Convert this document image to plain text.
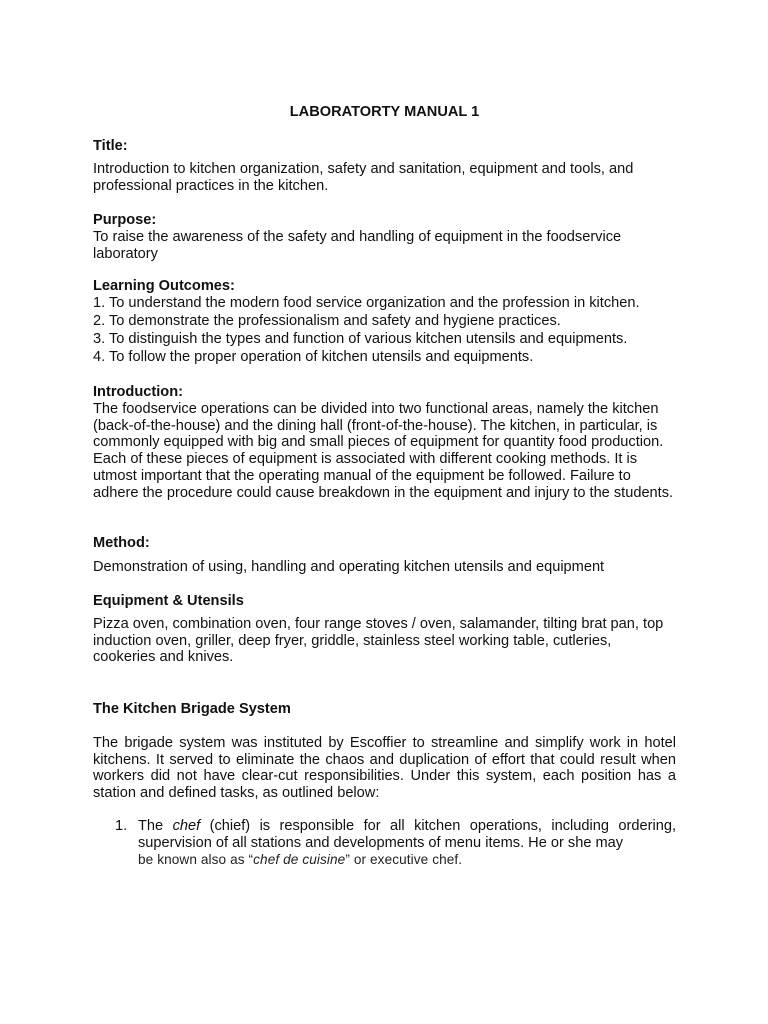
LABORATORTY MANUAL 1

Title:

Introduction to kitchen organization, safety and sanitation, equipment and tools, and professional practices in the kitchen.

Purpose:

To raise the awareness of the safety and handling of equipment in the foodservice laboratory

Learning Outcomes:

1. To understand the modern food service organization and the profession in kitchen.
2. To demonstrate the professionalism and safety and hygiene practices.
3. To distinguish the types and function of various kitchen utensils and equipments.
4. To follow the proper operation of kitchen utensils and equipments.

Introduction:

The foodservice operations can be divided into two functional areas, namely the kitchen (back-of-the-house) and the dining hall (front-of-the-house). The kitchen, in particular, is commonly equipped with big and small pieces of equipment for quantity food production. Each of these pieces of equipment is associated with different cooking methods. It is utmost important that the operating manual of the equipment be followed. Failure to adhere the procedure could cause breakdown in the equipment and injury to the students.

Method:

Demonstration of using, handling and operating kitchen utensils and equipment

Equipment & Utensils

Pizza oven, combination oven, four range stoves / oven, salamander, tilting brat pan, top induction oven, griller, deep fryer, griddle, stainless steel working table, cutleries, cookeries and knives.

The Kitchen Brigade System

The brigade system was instituted by Escoffier to streamline and simplify work in hotel kitchens. It served to eliminate the chaos and duplication of effort that could result when workers did not have clear-cut responsibilities. Under this system, each position has a station and defined tasks, as outlined below:

1. The chef (chief) is responsible for all kitchen operations, including ordering, supervision of all stations and developments of menu items. He or she may
be known also as “chef de cuisine” or executive chef.
